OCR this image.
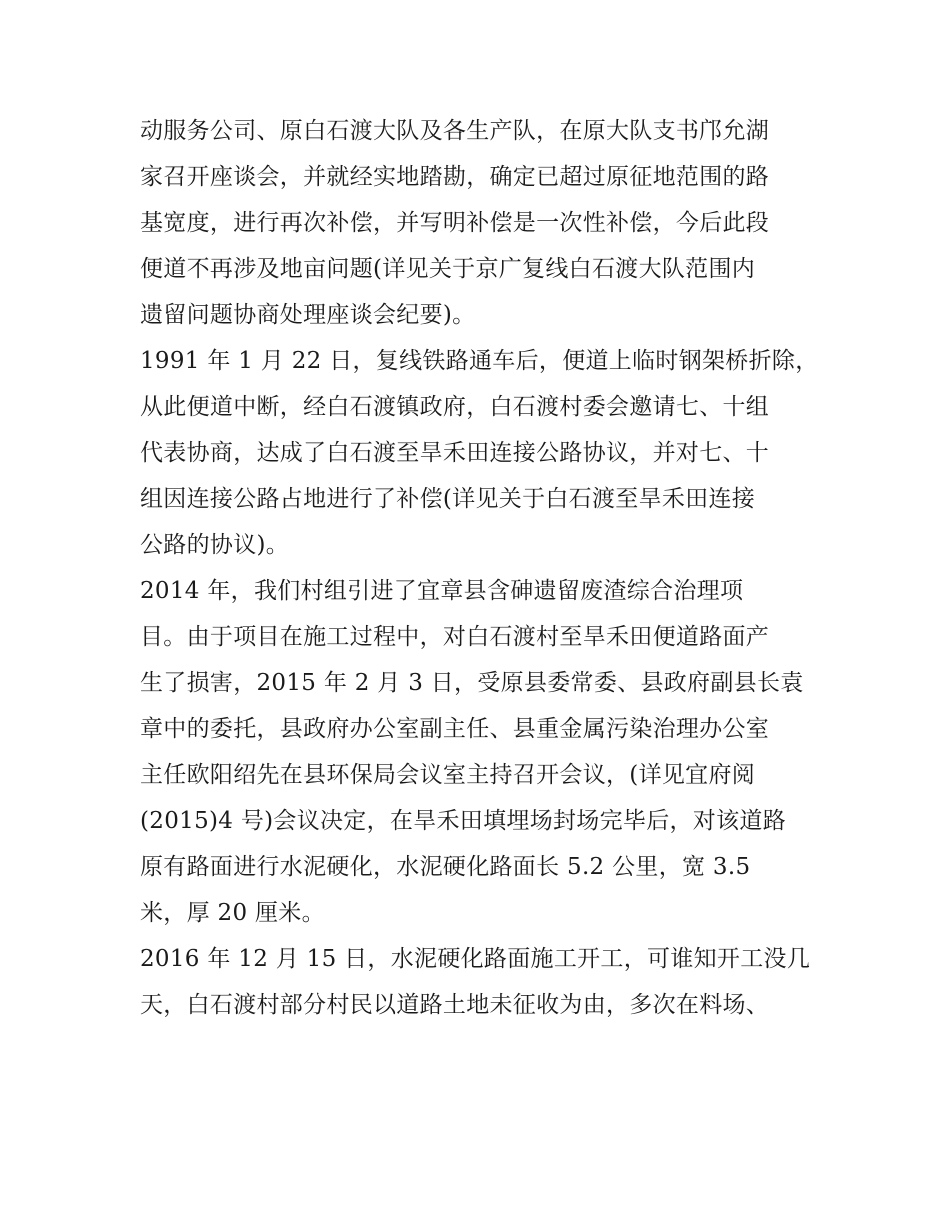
动服务公司、原白石渡大队及各生产队，在原大队支书邝允湖
家召开座谈会，并就经实地踏勘，确定已超过原征地范围的路
基宽度，进行再次补偿，并写明补偿是一次性补偿，今后此段
便道不再涉及地亩问题(详见关于京广复线白石渡大队范围内
遗留问题协商处理座谈会纪要)。
1991 年 1 月 22 日，复线铁路通车后，便道上临时钢架桥折除，
从此便道中断，经白石渡镇政府，白石渡村委会邀请七、十组
代表协商，达成了白石渡至旱禾田连接公路协议，并对七、十
组因连接公路占地进行了补偿(详见关于白石渡至旱禾田连接
公路的协议)。
2014 年，我们村组引进了宜章县含砷遗留废渣综合治理项
目。由于项目在施工过程中，对白石渡村至旱禾田便道路面产
生了损害，2015 年 2 月 3 日，受原县委常委、县政府副县长袁
章中的委托，县政府办公室副主任、县重金属污染治理办公室
主任欧阳绍先在县环保局会议室主持召开会议，(详见宜府阅
(2015)4 号)会议决定，在旱禾田填埋场封场完毕后，对该道路
原有路面进行水泥硬化，水泥硬化路面长 5.2 公里，宽 3.5
米，厚 20 厘米。
2016 年 12 月 15 日，水泥硬化路面施工开工，可谁知开工没几
天，白石渡村部分村民以道路土地未征收为由，多次在料场、
